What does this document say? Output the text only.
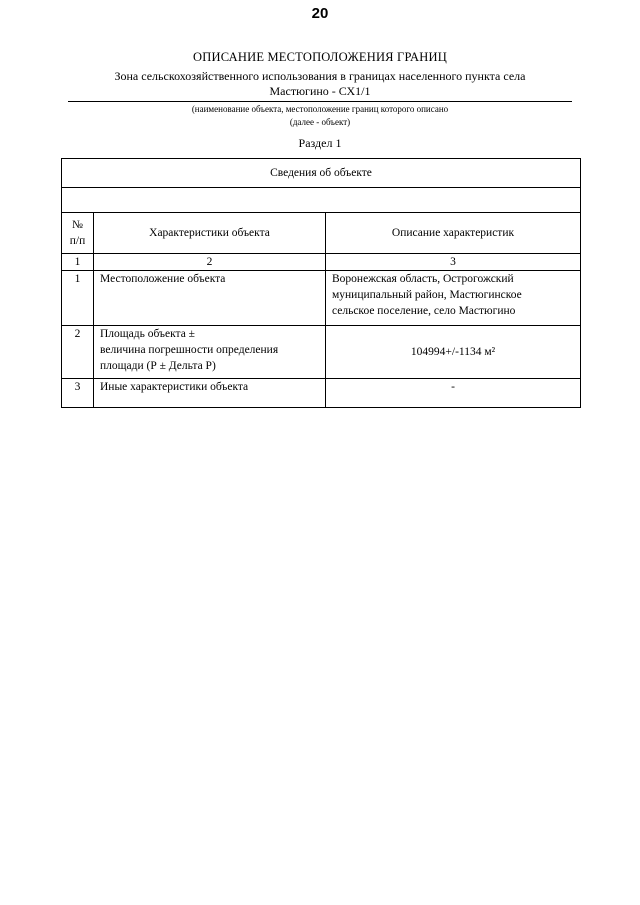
20
ОПИСАНИЕ МЕСТОПОЛОЖЕНИЯ ГРАНИЦ
Зона сельскохозяйственного использования в границах населенного пункта села
Мастюгино - СХ1/1
(наименование объекта, местоположение границ которого описано
(далее - объект)
Раздел 1
Сведения об объекте		

№
п/п	Характеристики объекта	Описание характеристик
1	2	3
1	Местоположение объекта	Воронежская область, Острогожский
муниципальный район, Мастюгинское
сельское поселение, село Мастюгино
2	Площадь объекта ±
величина погрешности определения
площади (Р ± Дельта Р)	104994+/-1134 м²
3	Иные характеристики объекта	-
